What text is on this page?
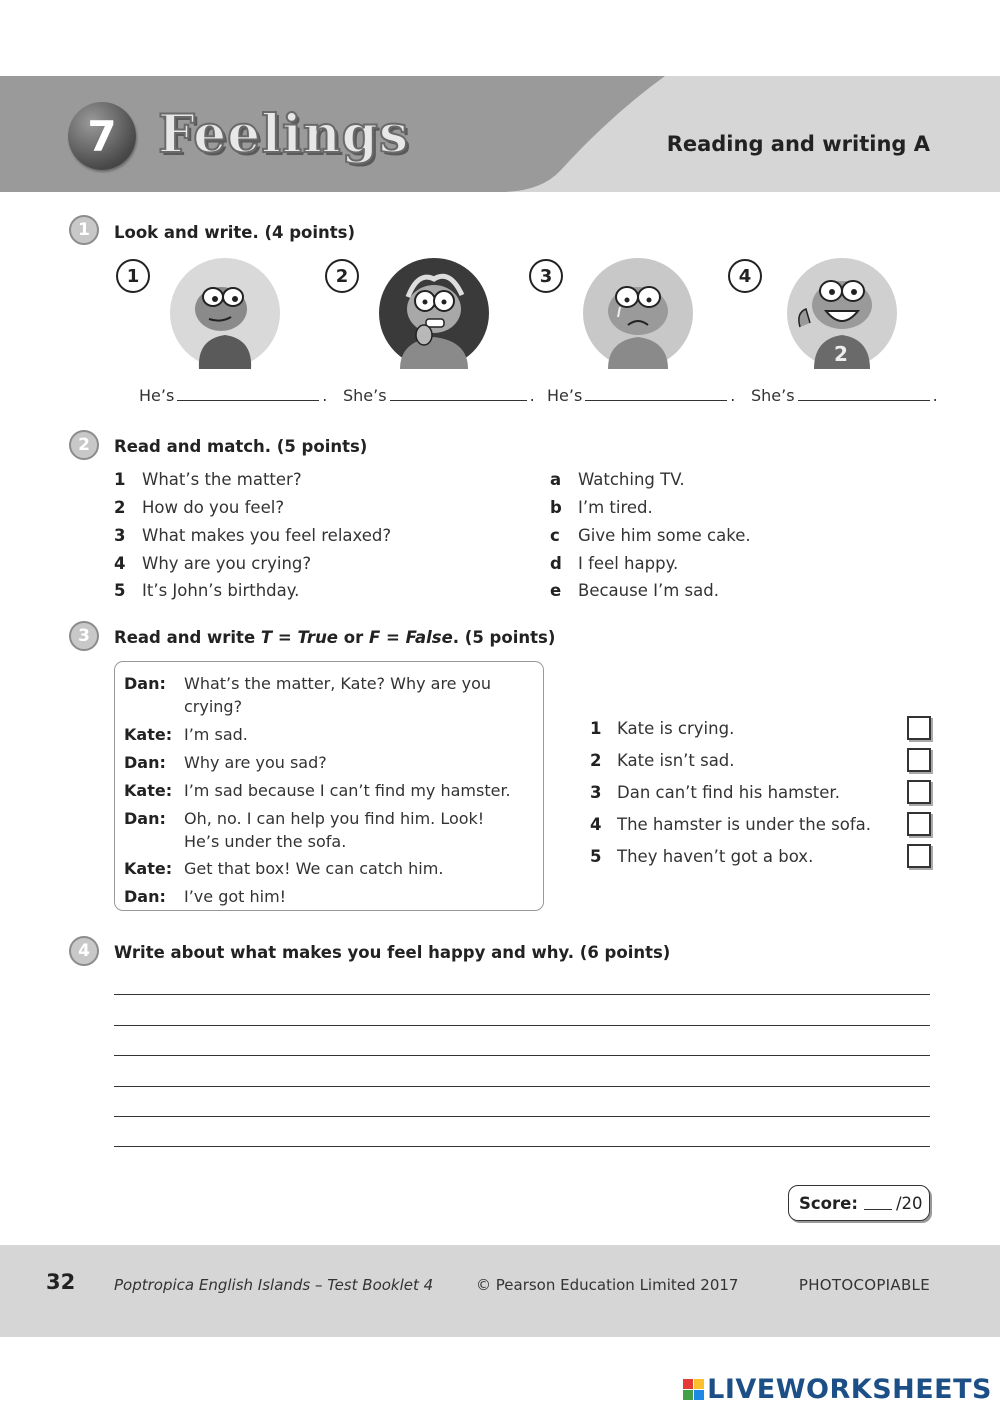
7 Feelings	Reading and writing A
1	Look and write. (4 points)
1	2	3	4
2
He’s	. She’s	. He’s	. She’s	.
2	Read and match. (5 points)
1 What’s the matter?
2 How do you feel?
3 What makes you feel relaxed?
4 Why are you crying?
5 It’s John’s birthday.
a Watching TV.
b I’m tired.
c Give him some cake.
d I feel happy.
e Because I’m sad.
3	Read and write T = True or F = False. (5 points)
Dan: What’s the matter, Kate? Why are you crying?
Kate: I’m sad.
Dan: Why are you sad?
Kate: I’m sad because I can’t find my hamster.
Dan: Oh, no. I can help you find him. Look! He’s under the sofa.
Kate: Get that box! We can catch him.
Dan: I’ve got him!
1 Kate is crying.
2 Kate isn’t sad.
3 Dan can’t find his hamster.
4 The hamster is under the sofa.
5 They haven’t got a box.
4	Write about what makes you feel happy and why. (6 points)
Score: /20
32	Poptropica English Islands – Test Booklet 4	© Pearson Education Limited 2017	PHOTOCOPIABLE
LIVEWORKSHEETS
